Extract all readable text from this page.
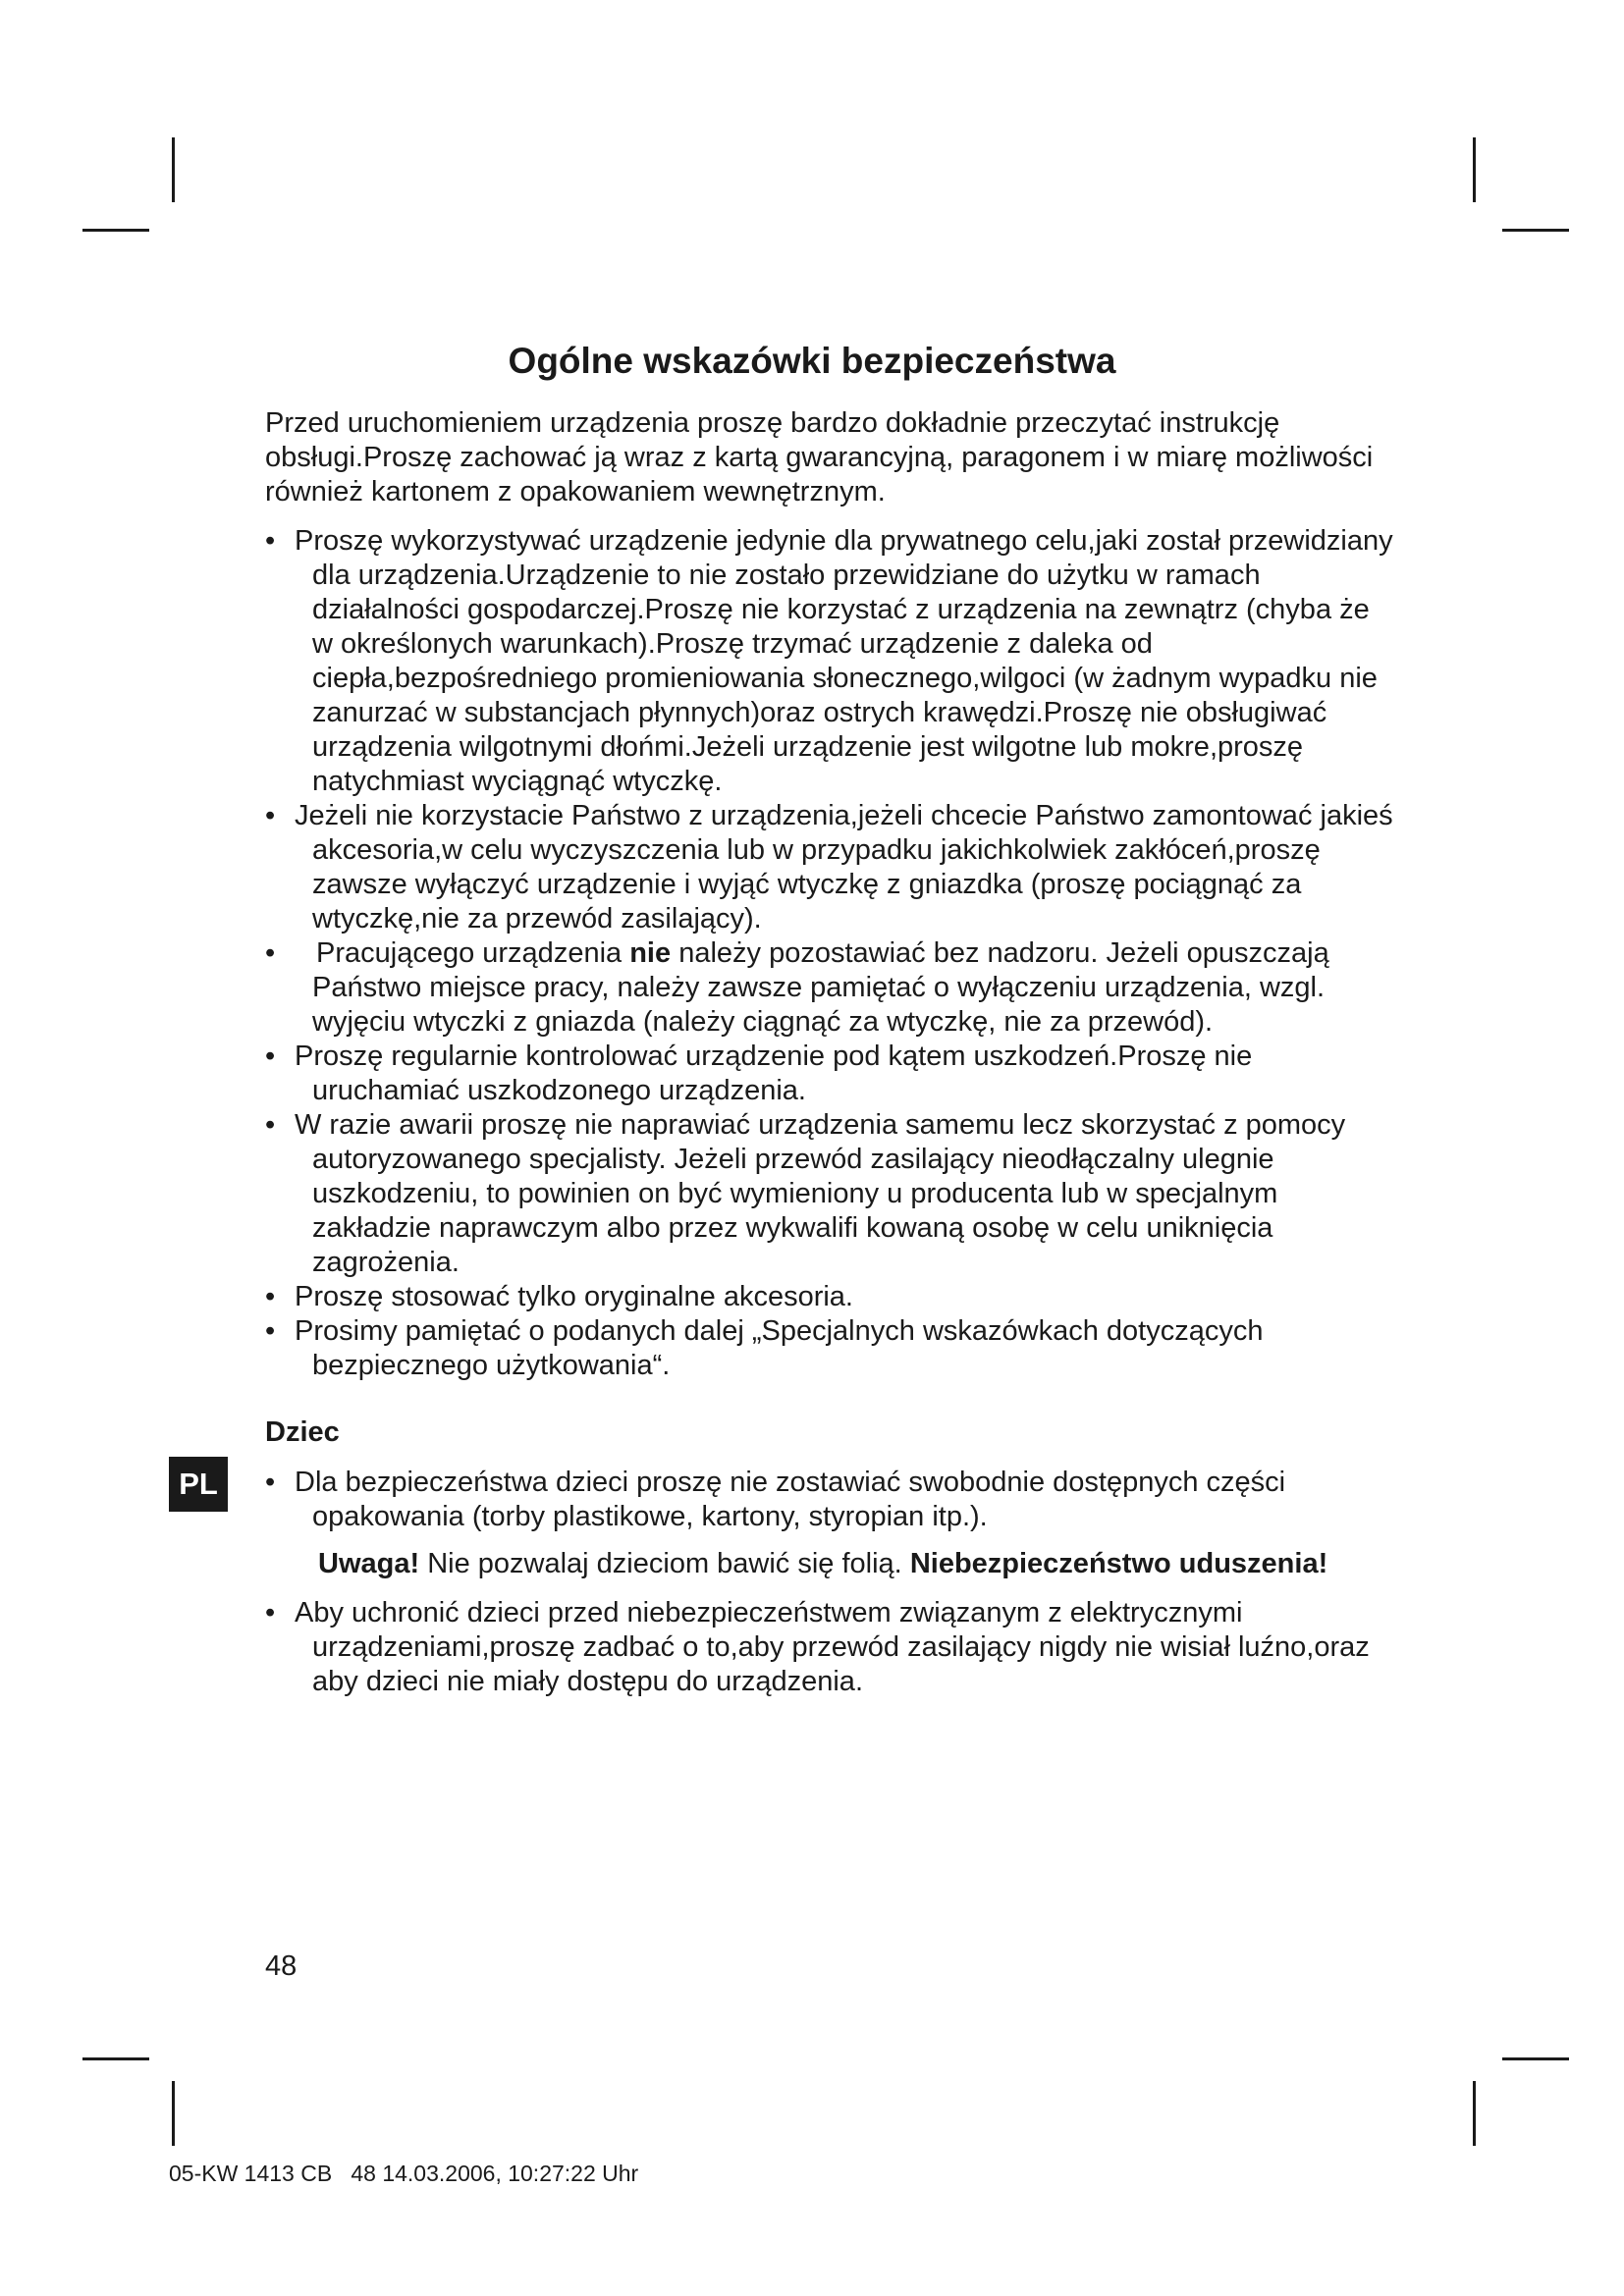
Ogólne wskazówki bezpieczeństwa

Przed uruchomieniem urządzenia proszę bardzo dokładnie przeczytać instrukcję obsługi.Proszę zachować ją wraz z kartą gwarancyjną, paragonem i w miarę możliwości również kartonem z opakowaniem wewnętrznym.

• Proszę wykorzystywać urządzenie jedynie dla prywatnego celu,jaki został przewidziany dla urządzenia.Urządzenie to nie zostało przewidziane do użytku w ramach działalności gospodarczej.Proszę nie korzystać z urządzenia na zewnątrz (chyba że w określonych warunkach).Proszę trzymać urządzenie z daleka od ciepła,bezpośredniego promieniowania słonecznego,wilgoci (w żadnym wypadku nie zanurzać w substancjach płynnych)oraz ostrych krawędzi.Proszę nie obsługiwać urządzenia wilgotnymi dłońmi.Jeżeli urządzenie jest wilgotne lub mokre,proszę natychmiast wyciągnąć wtyczkę.
• Jeżeli nie korzystacie Państwo z urządzenia,jeżeli chcecie Państwo zamontować jakieś akcesoria,w celu wyczyszczenia lub w przypadku jakichkolwiek zakłóceń,proszę zawsze wyłączyć urządzenie i wyjąć wtyczkę z gniazdka (proszę pociągnąć za wtyczkę,nie za przewód zasilający).
•	Pracującego urządzenia nie należy pozostawiać bez nadzoru. Jeżeli opuszczają Państwo miejsce pracy, należy zawsze pamiętać o wyłączeniu urządzenia, wzgl. wyjęciu wtyczki z gniazda (należy ciągnąć za wtyczkę, nie za przewód).
• Proszę regularnie kontrolować urządzenie pod kątem uszkodzeń.Proszę nie uruchamiać uszkodzonego urządzenia.
• W razie awarii proszę nie naprawiać urządzenia samemu lecz skorzystać z pomocy autoryzowanego specjalisty. Jeżeli przewód zasilający nieodłączalny ulegnie uszkodzeniu, to powinien on być wymieniony u producenta lub w specjalnym zakładzie naprawczym albo przez wykwalifi kowaną osobę w celu uniknięcia zagrożenia.
• Proszę stosować tylko oryginalne akcesoria.
• Prosimy pamiętać o podanych dalej „Specjalnych wskazówkach dotyczących bezpiecznego użytkowania“.

Dziec

• Dla bezpieczeństwa dzieci proszę nie zostawiać swobodnie dostępnych części opakowania (torby plastikowe, kartony, styropian itp.).

Uwaga! Nie pozwalaj dzieciom bawić się folią. Niebezpieczeństwo uduszenia!

• Aby uchronić dzieci przed niebezpieczeństwem związanym z elektrycznymi urządzeniami,proszę zadbać o to,aby przewód zasilający nigdy nie wisiał luźno,oraz aby dzieci nie miały dostępu do urządzenia.
PL
48
05-KW 1413 CB   48 14.03.2006, 10:27:22 Uhr
